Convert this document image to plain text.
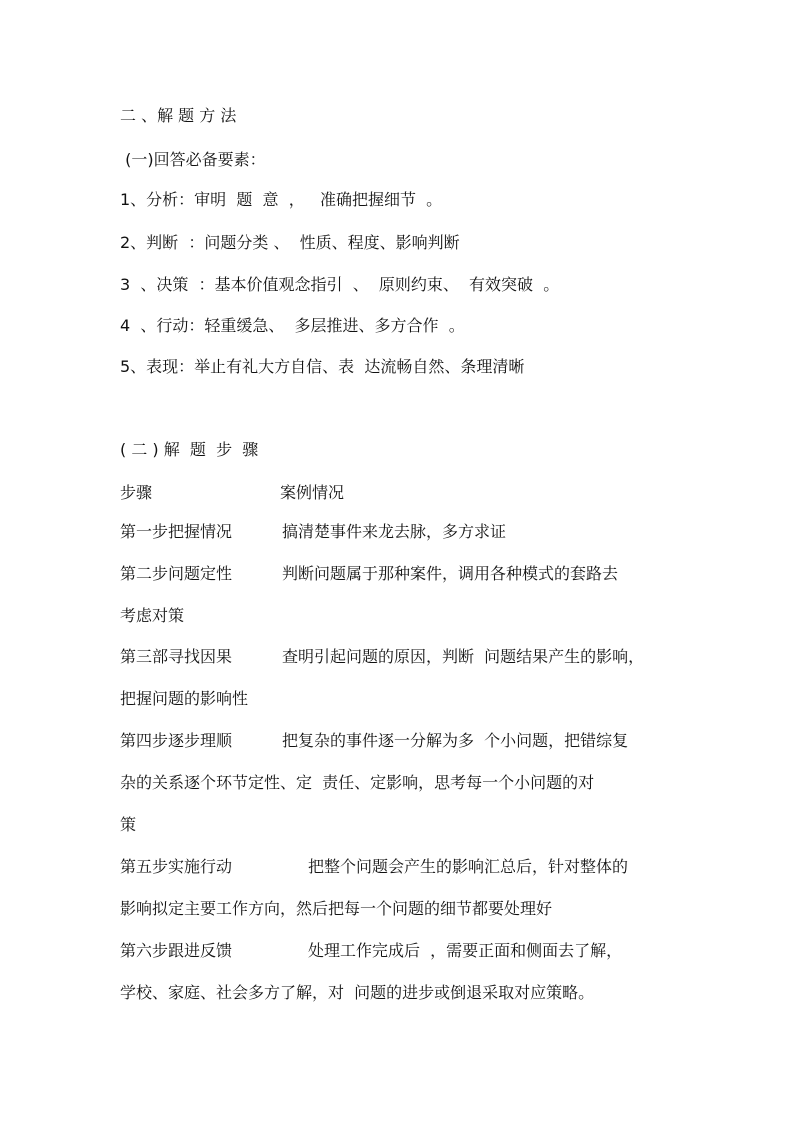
二 、解 题 方 法
(一)回答必备要素：
1、分析：审明  题  意  ，   准确把握细节  。
2、判断  ：问题分类 、  性质、程度、影响判断
3  、决策  ：基本价值观念指引  、  原则约束、  有效突破  。
4  、行动：轻重缓急、  多层推进、多方合作  。
5、表现：举止有礼大方自信、表  达流畅自然、条理清晰
( 二 ) 解  题  步  骤
步骤	案例情况
第一步把握情况	搞清楚事件来龙去脉，多方求证
第二步问题定性	判断问题属于那种案件，调用各种模式的套路去
考虑对策
第三部寻找因果	查明引起问题的原因，判断  问题结果产生的影响，
把握问题的影响性
第四步逐步理顺	把复杂的事件逐一分解为多  个小问题，把错综复
杂的关系逐个环节定性、定  责任、定影响，思考每一个小问题的对
策
第五步实施行动	把整个问题会产生的影响汇总后，针对整体的
影响拟定主要工作方向，然后把每一个问题的细节都要处理好
第六步跟进反馈	处理工作完成后  ，需要正面和侧面去了解，
学校、家庭、社会多方了解，对  问题的进步或倒退采取对应策略。
